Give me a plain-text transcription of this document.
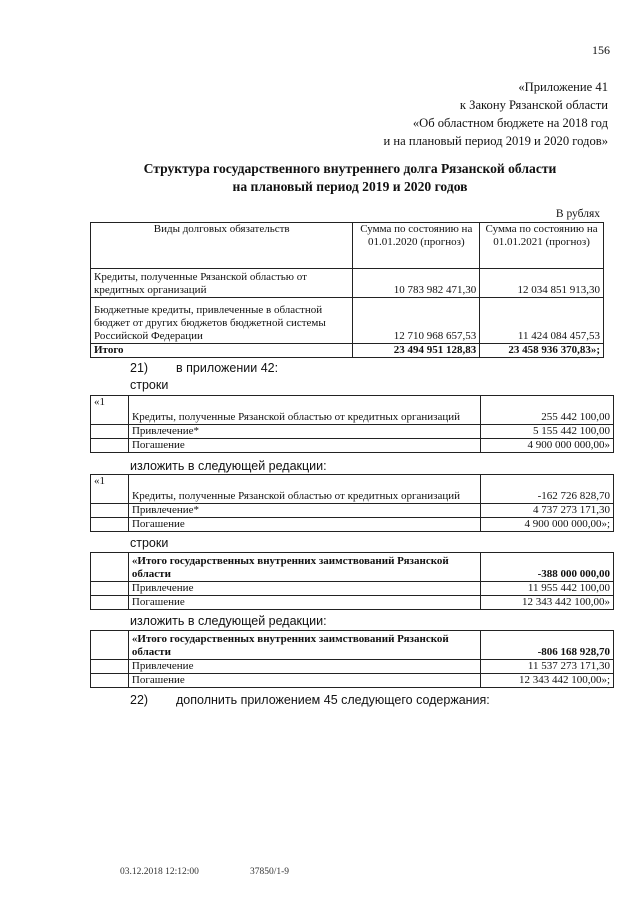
156
«Приложение 41
к Закону Рязанской области
«Об областном бюджете на 2018 год
и на плановый период 2019 и 2020 годов»
Структура государственного внутреннего долга Рязанской области
на плановый период 2019 и 2020 годов
В рублях
Виды долговых обязательств	Сумма по состоянию на 01.01.2020 (прогноз)	Сумма по состоянию на 01.01.2021 (прогноз)
Кредиты, полученные Рязанской областью от кредитных организаций	10 783 982 471,30	12 034 851 913,30
Бюджетные кредиты, привлеченные в областной бюджет от других бюджетов бюджетной системы Российской Федерации	12 710 968 657,53	11 424 084 457,53
Итого	23 494 951 128,83	23 458 936 370,83»;
21) в приложении 42:
строки
«1	Кредиты, полученные Рязанской областью от кредитных организаций	255 442 100,00
	Привлечение*	5 155 442 100,00
	Погашение	4 900 000 000,00»
изложить в следующей редакции:
«1	Кредиты, полученные Рязанской областью от кредитных организаций	-162 726 828,70
	Привлечение*	4 737 273 171,30
	Погашение	4 900 000 000,00»;
строки
	«Итого государственных внутренних заимствований Рязанской области	-388 000 000,00
	Привлечение	11 955 442 100,00
	Погашение	12 343 442 100,00»
изложить в следующей редакции:
	«Итого государственных внутренних заимствований Рязанской области	-806 168 928,70
	Привлечение	11 537 273 171,30
	Погашение	12 343 442 100,00»;
22) дополнить приложением 45 следующего содержания:
03.12.2018 12:12:00	37850/1-9
